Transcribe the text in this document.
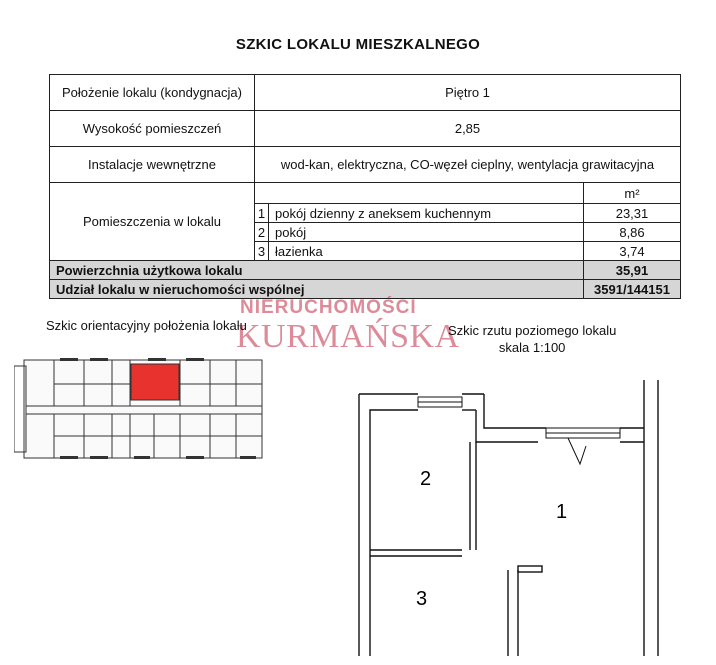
SZKIC LOKALU MIESZKALNEGO
Położenie lokalu (kondygnacja)	Piętro 1		
Wysokość pomieszczeń	2,85		
Instalacje wewnętrzne	wod-kan, elektryczna, CO-węzeł cieplny, wentylacja grawitacyjna		
Pomieszczenia w lokalu			m²
	1	pokój dzienny z aneksem kuchennym	23,31
	2	pokój	8,86
	3	łazienka	3,74
Powierzchnia użytkowa lokalu			35,91
Udział lokalu w nieruchomości wspólnej			3591/144151
NIERUCHOMOŚCI
KURMAŃSKA
Szkic orientacyjny położenia lokalu	Szkic rzutu poziomego lokalu
skala 1:100
2
1
3
